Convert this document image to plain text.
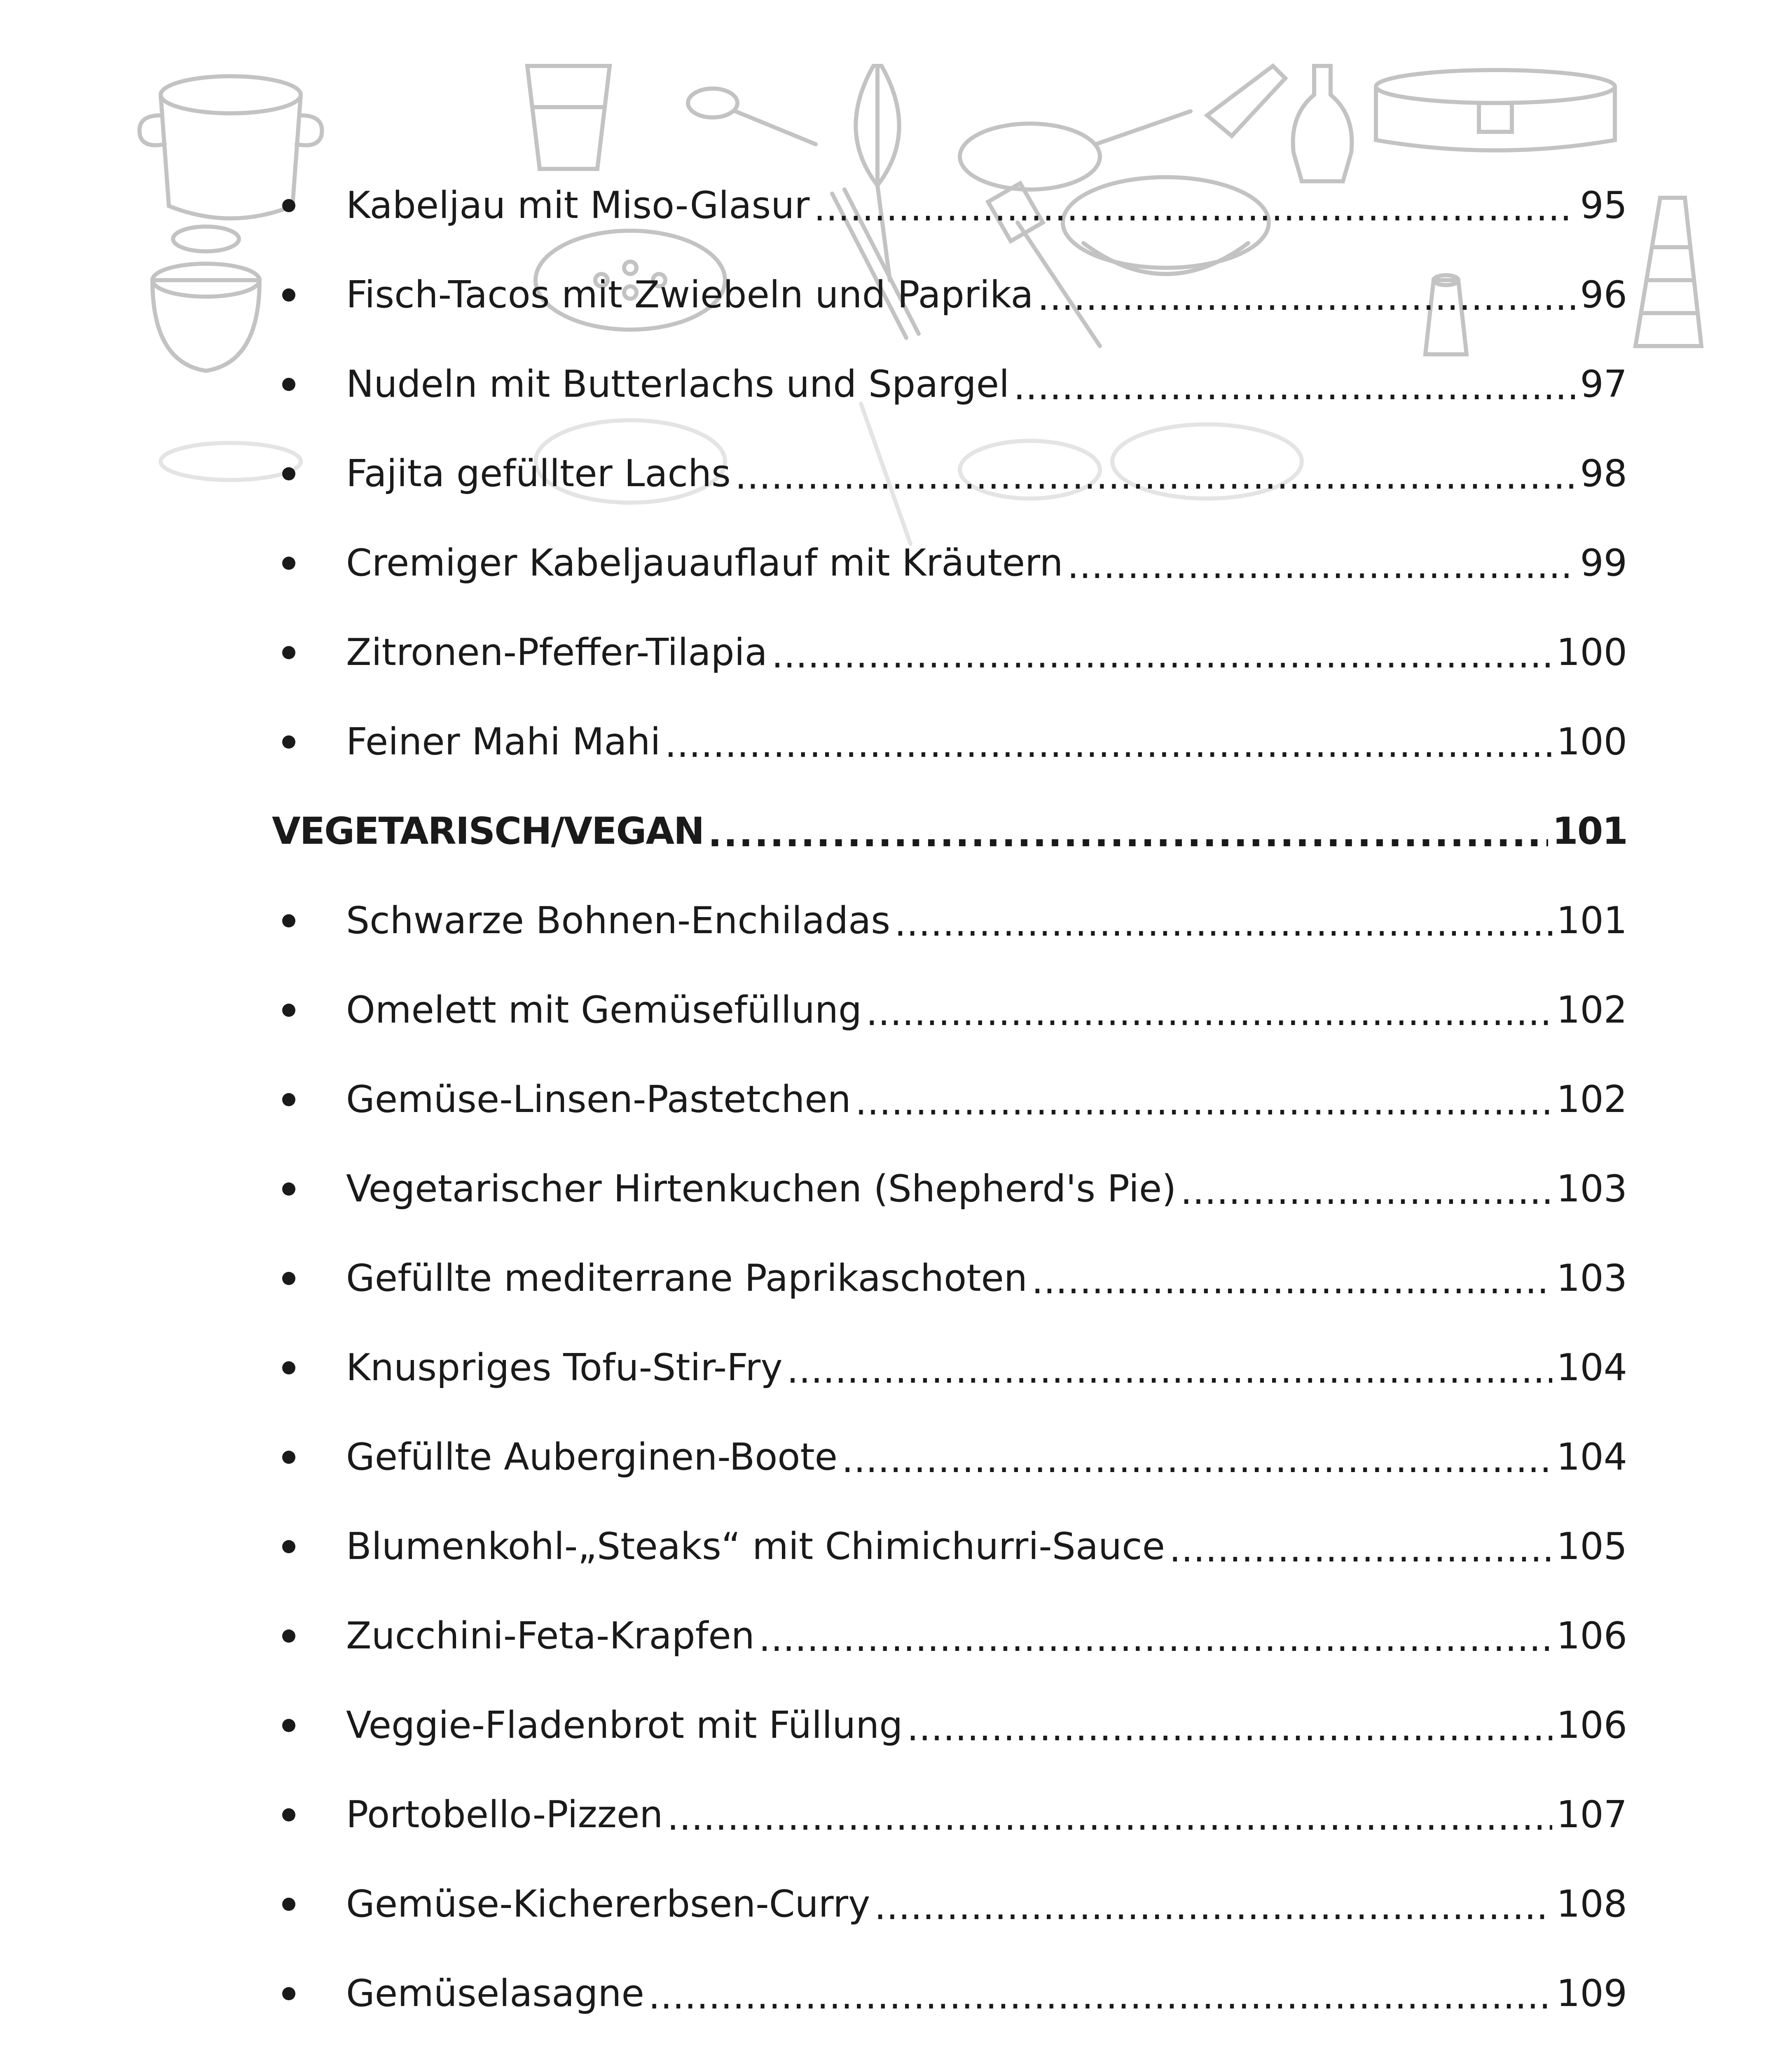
Kabeljau mit Miso-Glasur . . .	95
Fisch-Tacos mit Zwiebeln und Paprika . . .	96
Nudeln mit Butterlachs und Spargel . . .	97
Fajita gefüllter Lachs . . .	98
Cremiger Kabeljauauflauf mit Kräutern . . .	99
Zitronen-Pfeffer-Tilapia . . .	100
Feiner Mahi Mahi . . .	100
VEGETARISCH/VEGAN . . .	101
Schwarze Bohnen-Enchiladas . . .	101
Omelett mit Gemüsefüllung . . .	102
Gemüse-Linsen-Pastetchen . . .	102
Vegetarischer Hirtenkuchen (Shepherd's Pie) . . .	103
Gefüllte mediterrane Paprikaschoten . . .	103
Knuspriges Tofu-Stir-Fry . . .	104
Gefüllte Auberginen-Boote . . .	104
Blumenkohl-„Steaks“ mit Chimichurri-Sauce . . .	105
Zucchini-Feta-Krapfen . . .	106
Veggie-Fladenbrot mit Füllung . . .	106
Portobello-Pizzen . . .	107
Gemüse-Kichererbsen-Curry . . .	108
Gemüselasagne . . .	109
